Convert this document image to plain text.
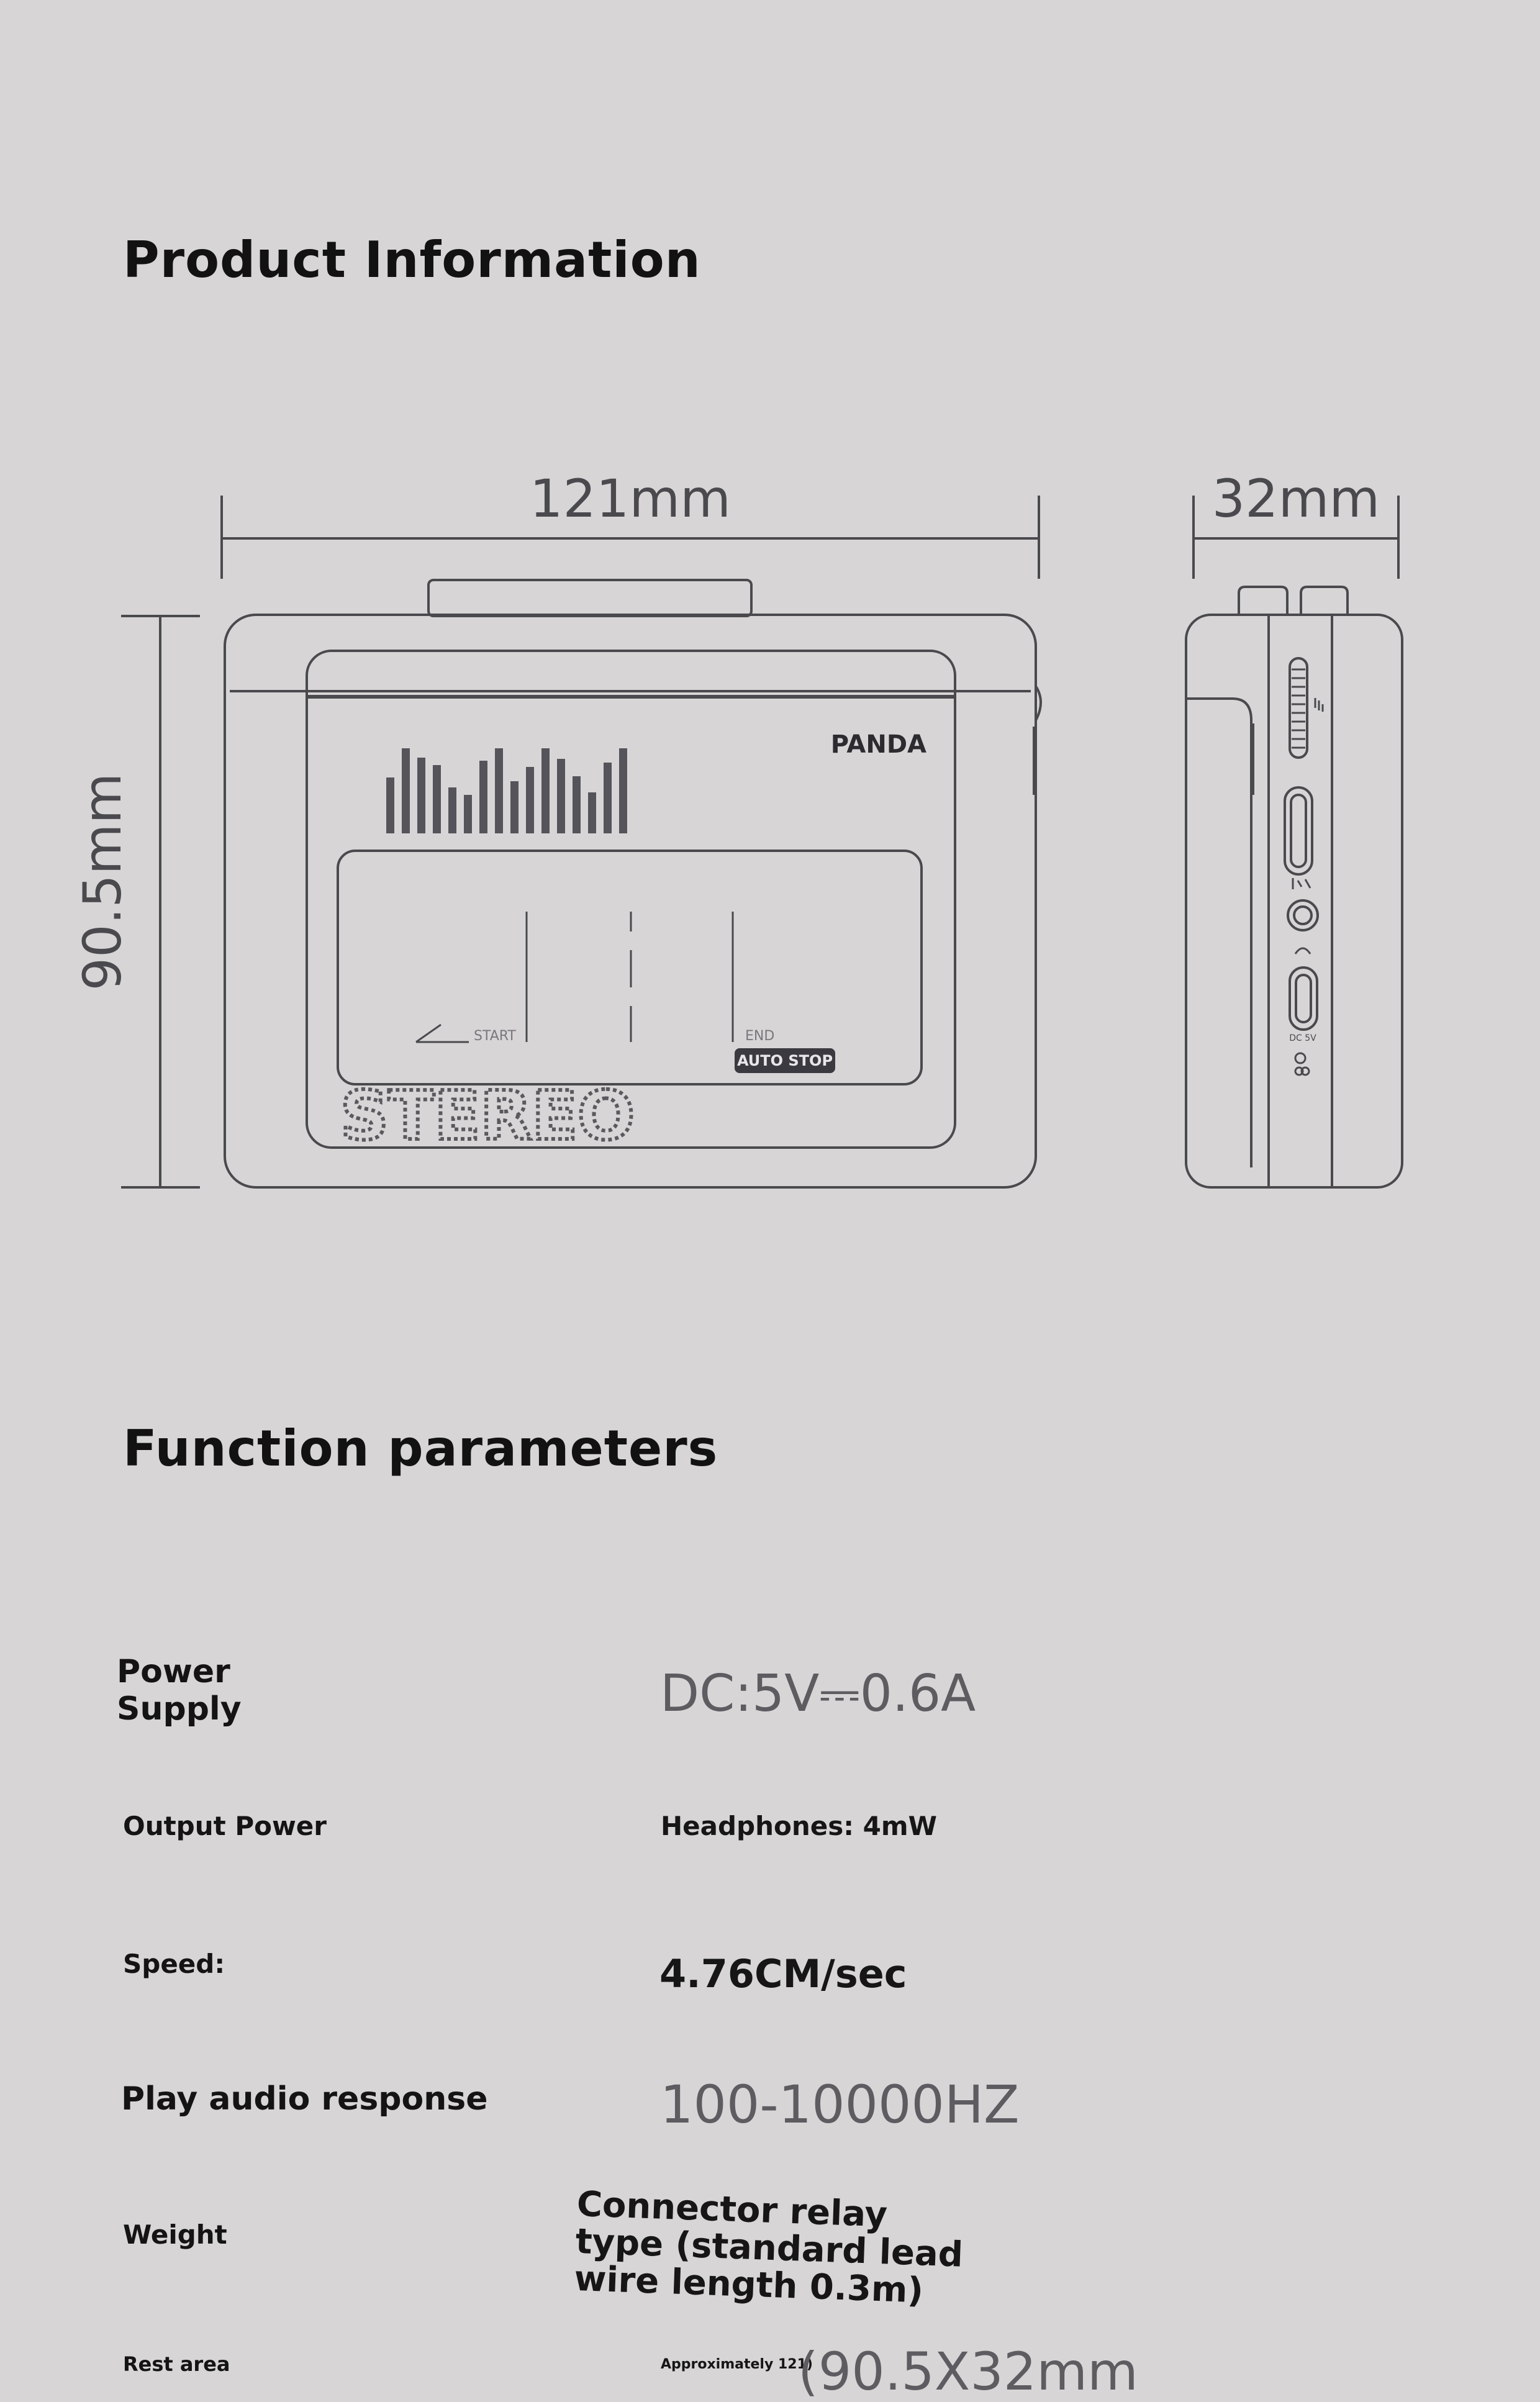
Product Information
121mm	32mm
90.5mm
PANDA
START	END
AUTO STOP
STEREO
DC 5V
Function parameters
Power
Supply	DC:5V⎓0.6A
Output Power	Headphones: 4mW
Speed:	4.76CM/sec
Play audio response	100-10000HZ
Weight	Connector relay
type (standard lead
wire length 0.3m)
Rest area	Approximately 121)
(90.5X32mm
